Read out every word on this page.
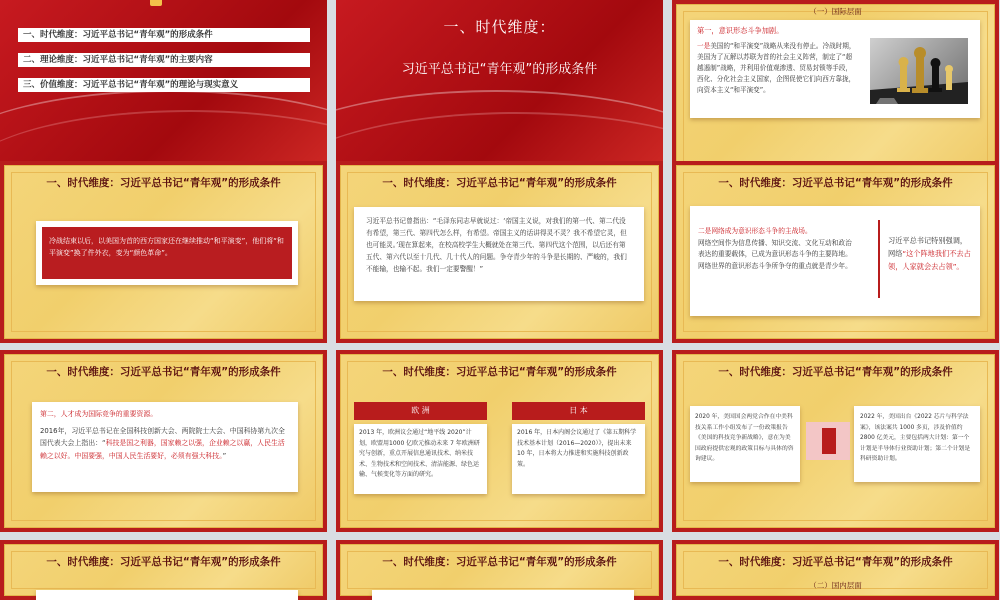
一、时代维度：习近平总书记“青年观”的形成条件
二、理论维度：习近平总书记“青年观”的主要内容
三、价值维度：习近平总书记“青年观”的理论与现实意义
一、时代维度：
习近平总书记“青年观”的形成条件
（一）国际层面
第一，意识形态斗争加剧。
一是美国的“和平演变”战略从来没有停止。冷战时期，美国为了瓦解以苏联为首的社会主义阵营，制定了“超越遏制”战略，并利用价值观渗透、贸易封锁等手段，西化、分化社会主义国家，企图促使它们向西方靠拢，向资本主义“和平演变”。
一、时代维度：习近平总书记“青年观”的形成条件
冷战结束以后，以美国为首的西方国家还在继续推动“和平演变”，他们将“和平演变”换了件外衣，变为“颜色革命”。
一、时代维度：习近平总书记“青年观”的形成条件
习近平总书记曾指出：“毛泽东同志早就说过：‘帝国主义说，对我们的第一代、第二代没有希望，第三代、第四代怎么样，有希望。帝国主义的话讲得灵不灵？我不希望它灵，但也可能灵。’现在算起来，在校高校学生大概就处在第三代、第四代这个范围，以后还有第五代、第六代以至十几代、几十代人的问题。争夺青少年的斗争是长期的、严峻的，我们不能输，也输不起。我们一定要警醒！”
一、时代维度：习近平总书记“青年观”的形成条件
二是网络成为意识形态斗争的主战场。
网络空间作为信息传播、知识交流、文化互动和政治表达的重要载体，已成为意识形态斗争的主要阵地。网络世界的意识形态斗争所争夺的重点就是青少年。
习近平总书记特别强调，网络“这个阵地我们不去占领，人家就会去占领”。
一、时代维度：习近平总书记“青年观”的形成条件
第二，人才成为国际竞争的重要资源。
2016年，习近平总书记在全国科技创新大会、两院院士大会、中国科协第九次全国代表大会上指出：“科技是国之利器，国家赖之以强，企业赖之以赢，人民生活赖之以好。中国要强，中国人民生活要好，必须有强大科技。”
一、时代维度：习近平总书记“青年观”的形成条件
欧 洲
2013 年，欧洲议会通过“地平线 2020”计划，欧盟用1000 亿欧元推动未来 7 年欧洲研究与创新，重点开展信息通讯技术、纳米技术、生物技术和空间技术、清洁能源、绿色运输、气候变化等方面的研究。
日 本
2016 年，日本内阁会议通过了《第五期科学技术基本计划（2016—2020）》，提出未来 10 年，日本将大力推进和实施科技创新政策。
一、时代维度：习近平总书记“青年观”的形成条件
2020 年，美国国会两党合作在中美科技关系工作小组发布了一份政策报告《美国的科技竞争新战略》，意在为美国政府提供宏观的政策目标与具体的咨询建议。
2022 年，美国出台《2022 芯片与科学法案》，该法案共 1000 多页，涉及价值约 2800 亿美元，主要包括两大计划：第一个计划是半导体行业资助计划；第二个计划是科研资助计划。
一、时代维度：习近平总书记“青年观”的形成条件	一、时代维度：习近平总书记“青年观”的形成条件	一、时代维度：习近平总书记“青年观”的形成条件
（二）国内层面
